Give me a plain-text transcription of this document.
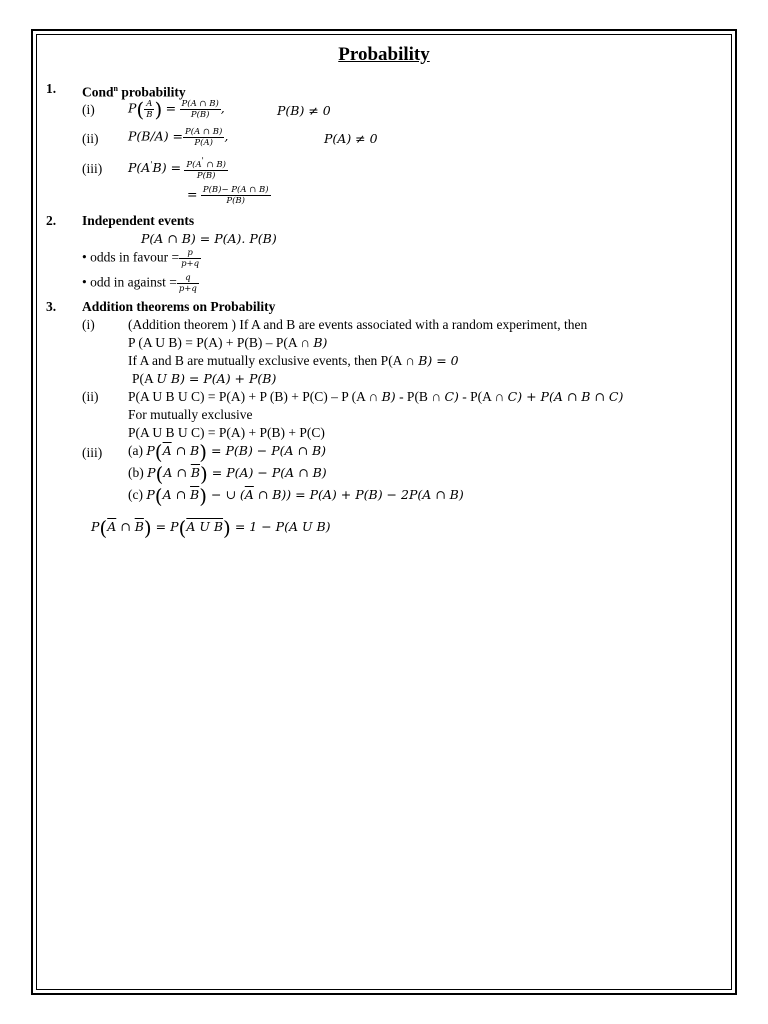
Probability
1. Cond$^n$ probability
(i)	$P( \frac{A}{B}$ ) = $\frac{P(A \cap B)}{P(B)}$ ,	P(B) ≠ 0
(ii) $P(B/A) = \frac{P(A \cap B)}{P(A)}$ ,	P(A) ≠ 0
(iii) $P(A'B) = \frac{P(A' \cap B)}{P(B)}$
= $\frac{P(B)- P(A \cap B)}{P(B)}$
2. Independent events
P(A ∩ B) = P(A). P(B)
• odds in favour = $\frac{p}{p+q}$
• odd in against = $\frac{q}{p+q}$
3. Addition theorems on Probability
(i) (Addition theorem ) If A and B are events associated with a random experiment, then
P (A U B) = P(A) + P(B) – P(A ∩ B)
If A and B are mutually exclusive events, then P(A ∩ B) = 0
P(A U B) = P(A) + P(B)
(ii) P(A U B U C) = P(A) + P (B) + P(C) – P (A ∩ B) - P(B ∩ C) - P(A ∩ C) + P(A ∩ B ∩ C)
For mutually exclusive
P(A U B U C) = P(A) + P(B) + P(C)
(iii) (a) $P(\overline{A}$ ∩ B) = P(B) − P(A ∩ B)
(b) P(A ∩ $\overline{B}) = P(A) - P(A$ ∩ B)
(c) P(A ∩ $\overline{B}$) − ∪ ($\overline{A}$ ∩ B)) = P(A) + P(B) − 2P(A ∩ B)
$P(\overline{A}$ ∩ $\overline{B}) = P(A$ U B) = 1 − P(A U B)
